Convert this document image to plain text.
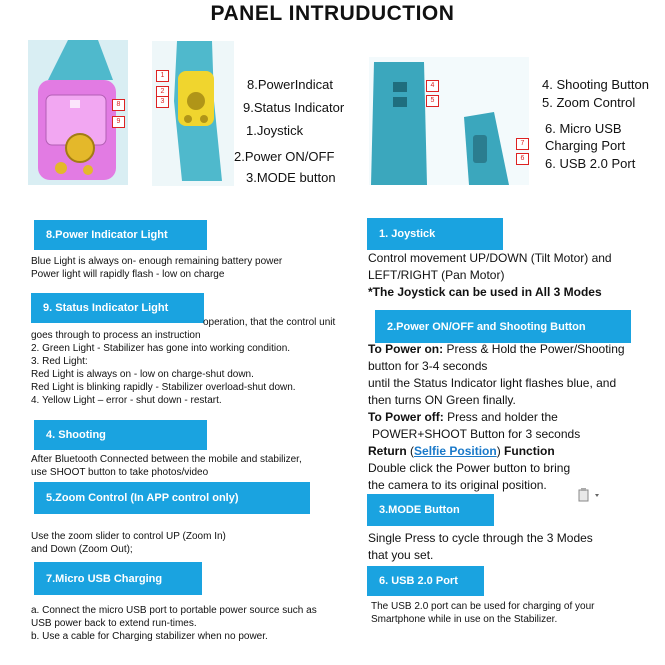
PANEL INTRUDUCTION
8
9
1
2
3
8.PowerIndicat
9.Status Indicator
1.Joystick
2.Power ON/OFF
3.MODE button
4
5
7
6
4. Shooting Button
5. Zoom Control
6. Micro USB
Charging Port
6. USB 2.0 Port
8.Power Indicator Light
Blue Light is always on- enough remaining battery power
Power light will rapidly flash - low on charge
9. Status Indicator Light
operation, that the control unit
goes through to process an instruction
2. Green Light - Stabilizer has gone into working condition.
3. Red Light:
Red Light is always on - low on charge-shut down.
Red Light is blinking rapidly - Stabilizer overload-shut down.
4. Yellow Light – error - shut down - restart.
4. Shooting
After Bluetooth Connected between the mobile and stabilizer,
use SHOOT button to take photos/video
5.Zoom Control (In APP control only)
Use the zoom slider to control UP (Zoom In)
and Down (Zoom Out);
7.Micro USB Charging
a. Connect the micro USB port to portable power source such as
USB power back to extend run-times.
b. Use a cable for Charging stabilizer when no power.
1. Joystick
Control movement UP/DOWN (Tilt Motor) and
LEFT/RIGHT (Pan Motor)
*The Joystick can be used in All 3 Modes
2.Power ON/OFF and Shooting Button
To Power on: Press & Hold the Power/Shooting
button for 3-4 seconds
until the Status Indicator light flashes blue, and
then turns ON Green finally.
To Power off: Press and holder the
POWER+SHOOT Button for 3 seconds
Return (Selfie Position) Function
Double click the Power button to bring
the camera to its original position.
3.MODE Button
Single Press to cycle through the 3 Modes
that you set.
6. USB 2.0 Port
The USB 2.0 port can be used for charging of your
Smartphone while in use on the Stabilizer.
